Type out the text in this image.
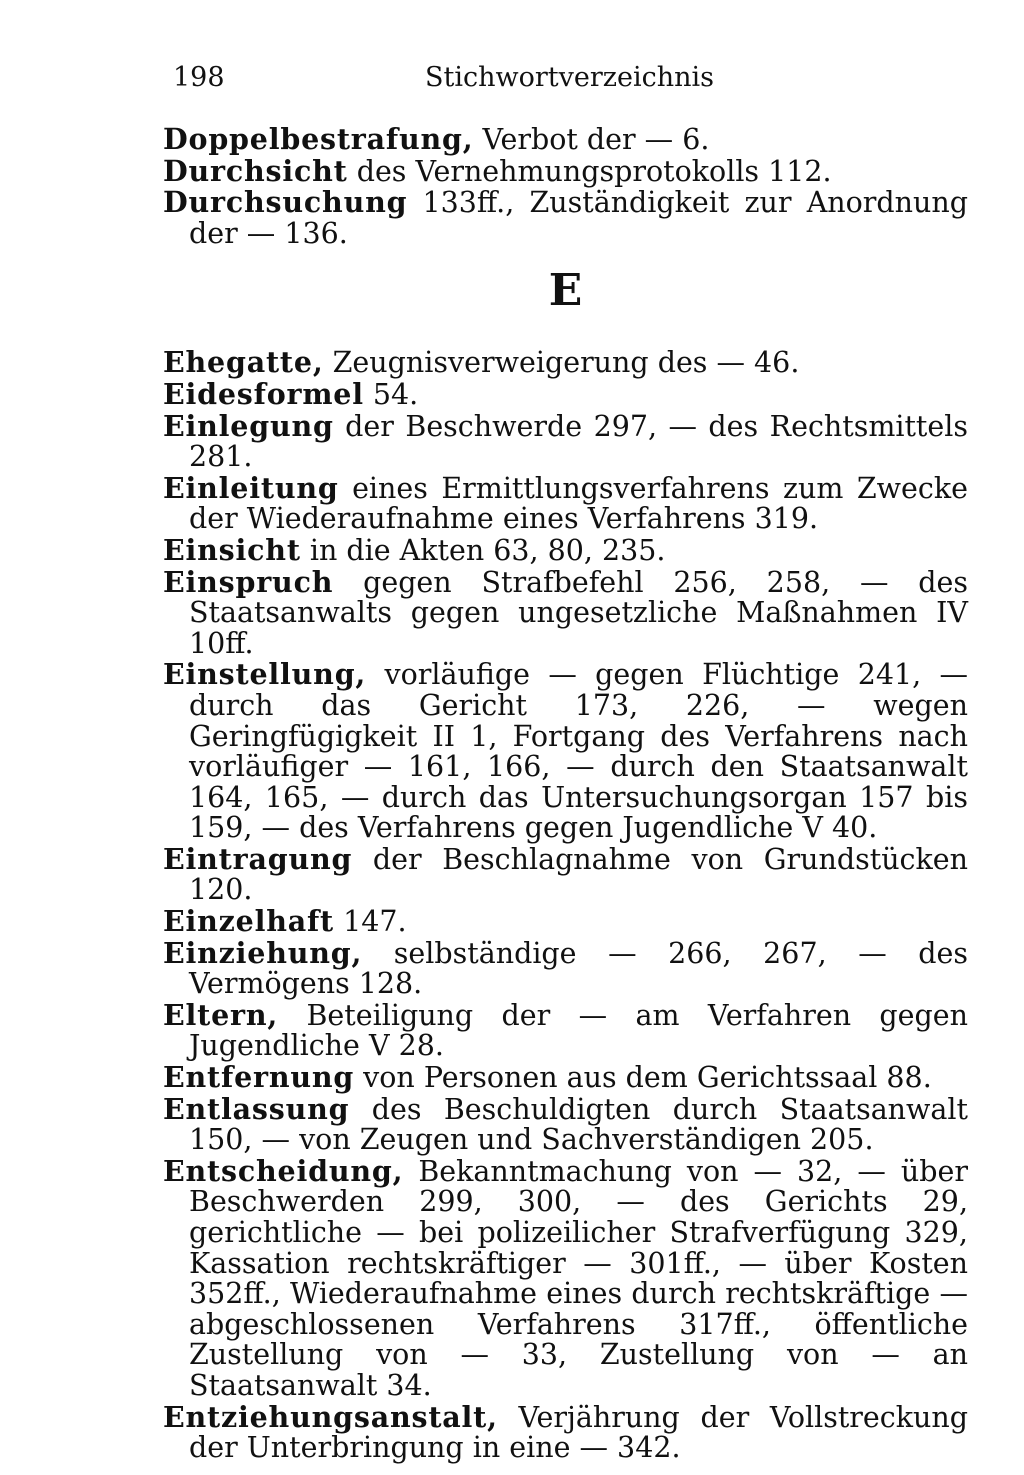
198	Stichwortverzeichnis

Doppelbestrafung, Verbot der — 6.

Durchsicht des Vernehmungsprotokolls 112.

Durchsuchung 133ff., Zuständigkeit zur Anordnung der — 136.

E

Ehegatte, Zeugnisverweigerung des — 46.

Eidesformel 54.

Einlegung der Beschwerde 297, — des Rechtsmittels 281.

Einleitung eines Ermittlungsverfahrens zum Zwecke der Wiederaufnahme eines Verfahrens 319.

Einsicht in die Akten 63, 80, 235.

Einspruch gegen Strafbefehl 256, 258, — des Staatsanwalts gegen ungesetzliche Maßnahmen IV 10ff.

Einstellung, vorläufige — gegen Flüchtige 241, — durch das Gericht 173, 226, — wegen Geringfügigkeit II 1, Fortgang des Verfahrens nach vorläufiger — 161, 166, — durch den Staatsanwalt 164, 165, — durch das Untersuchungsorgan 157 bis 159, — des Verfahrens gegen Jugendliche V 40.

Eintragung der Beschlagnahme von Grundstücken 120.

Einzelhaft 147.

Einziehung, selbständige — 266, 267, — des Vermögens 128.

Eltern, Beteiligung der — am Verfahren gegen Jugendliche V 28.

Entfernung von Personen aus dem Gerichtssaal 88.

Entlassung des Beschuldigten durch Staatsanwalt 150, — von Zeugen und Sachverständigen 205.

Entscheidung, Bekanntmachung von — 32, — über Beschwerden 299, 300, — des Gerichts 29, gerichtliche — bei polizeilicher Strafverfügung 329, Kassation rechtskräftiger — 301ff., — über Kosten 352ff., Wiederaufnahme eines durch rechtskräftige — abgeschlossenen Verfahrens 317ff., öffentliche Zustellung von — 33, Zustellung von — an Staatsanwalt 34.

Entziehungsanstalt, Verjährung der Vollstreckung der Unterbringung in eine — 342.
